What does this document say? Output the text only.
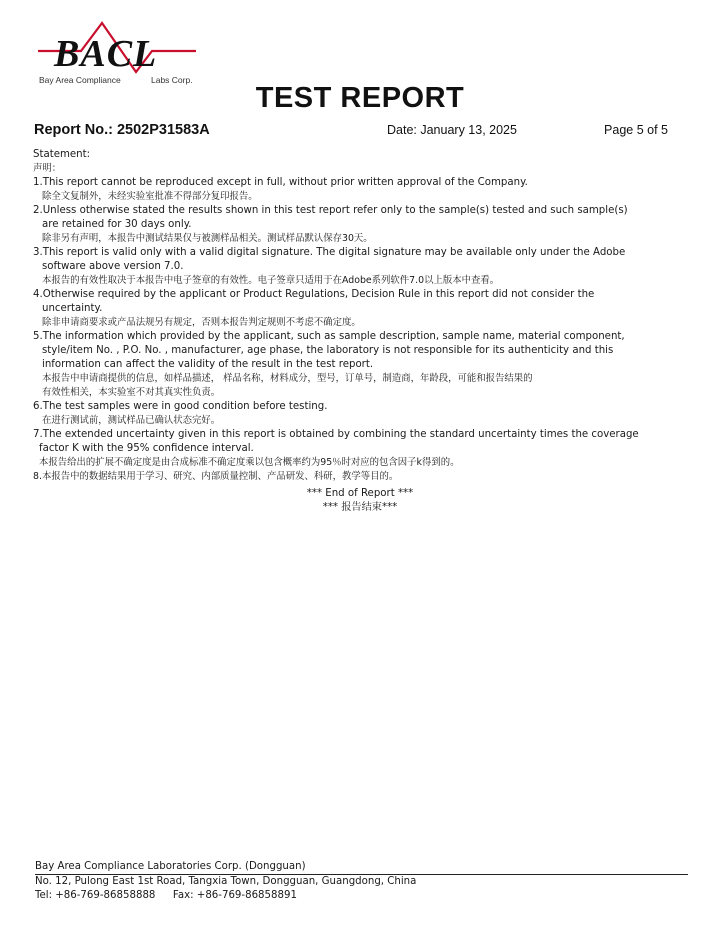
BACL
Bay Area Compliance	Labs Corp.
TEST REPORT
Report No.: 2502P31583A	Date: January 13, 2025	Page 5 of 5
Statement:
声明：
1.This report cannot be reproduced except in full, without prior written approval of the Company.
除全文复制外，未经实验室批准不得部分复印报告。
2.Unless otherwise stated the results shown in this test report refer only to the sample(s) tested and such sample(s)
are retained for 30 days only.
除非另有声明，本报告中测试结果仅与被测样品相关。测试样品默认保存30天。
3.This report is valid only with a valid digital signature. The digital signature may be available only under the Adobe
software above version 7.0.
本报告的有效性取决于本报告中电子签章的有效性。电子签章只适用于在Adobe系列软件7.0以上版本中查看。
4.Otherwise required by the applicant or Product Regulations, Decision Rule in this report did not consider the
uncertainty.
除非申请商要求或产品法规另有规定，否则本报告判定规则不考虑不确定度。
5.The information which provided by the applicant, such as sample description, sample name, material component,
style/item No. , P.O. No. , manufacturer, age phase, the laboratory is not responsible for its authenticity and this
information can affect the validity of the result in the test report.
本报告中申请商提供的信息，如样品描述， 样品名称，材料成分，型号，订单号，制造商，年龄段，可能和报告结果的
有效性相关，本实验室不对其真实性负责。
6.The test samples were in good condition before testing.
在进行测试前，测试样品已确认状态完好。
7.The extended uncertainty given in this report is obtained by combining the standard uncertainty times the coverage
factor K with the 95% confidence interval.
本报告给出的扩展不确定度是由合成标准不确定度乘以包含概率约为95％时对应的包含因子k得到的。
8.本报告中的数据结果用于学习、研究、内部质量控制、产品研发、科研，教学等目的。
*** End of Report ***
*** 报告结束***
Bay Area Compliance Laboratories Corp. (Dongguan)
No. 12, Pulong East 1st Road, Tangxia Town, Dongguan, Guangdong, China
Tel: +86-769-86858888 Fax: +86-769-86858891
